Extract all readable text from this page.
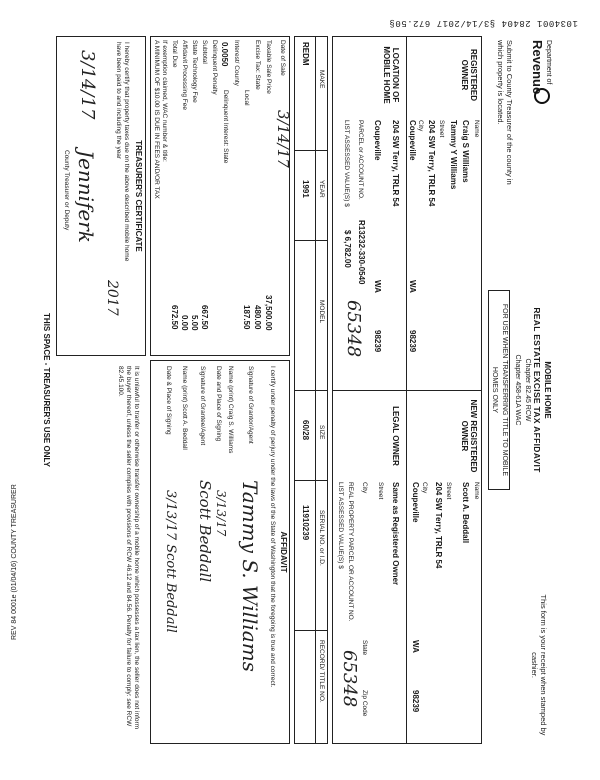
1034001 28404 §3/14/2017 672.50§
REV 84 0001e (01/04/16) COUNTY TREASURER
Department of
Revenue
Submit to County Treasurer of the county in which property is located.
MOBILE HOME
REAL ESTATE EXCISE TAX AFFIDAVIT
Chapter 82.45 RCW
Chapter 458-61A WAC
FOR USE WHEN TRANSFERRING TITLE TO MOBILE HOMES ONLY
This form is your receipt when stamped by cashier.
REGISTERED OWNER
Name
Craig S Williams
Tammy Y Williams
Street
204 SW Terry, TRLR 54
City
Coupeville
WA
98239
NEW REGISTERED OWNER
Name
Scott A. Beddall
Street
204 SW Terry, TRLR 54
City
Coupeville
WA
98239
LOCATION OF MOBILE HOME
204 SW Terry, TRLR 54
Coupeville
WA
98239
PARCEL or ACCOUNT NO.
R13232-330-0540
LIST ASSESSED VALUE(S) $
$ 6,782.00
65348
LEGAL OWNER
Same as Registered Owner
Street
City
State
Zip Code
REAL PROPERTY PARCEL OR ACCOUNT NO.
LIST ASSESSED VALUE(S) $
65348
MAKE
YEAR
MODEL
SIZE
SERIAL NO. or I.D.
RECORD/ TITLE NO.
REDM
1991
60/28
11910239
Date of Sale
3/14/17
Taxable Sale Price
37,500.00
Excise Tax: State
480.00
Local
187.50
Interest/ County
0.0050
Delinquent Interest: State
Delinquent Penalty
Subtotal
667.50
State Technology Fee
5.00
Affidavit Processing Fee
0.00
Total Due
672.50
If exemption claimed, WAC number & title:
A MINIMUM OF $10.00 IS DUE IN FEES AND/OR TAX
AFFIDAVIT
I certify under penalty of perjury under the laws of the State of Washington that the foregoing is true and correct.
Signature of Grantor/Agent
Tammy S. Williams
Name (print) Craig S. Williams
Date and Place of Signing
3/13/17
Signature of Grantee/Agent
Scott Beddall
Name (print) Scott A. Beddall
Date & Place of Signing
3/13/17 Scott Beddall
TREASURER'S CERTIFICATE
I hereby certify that property taxes due on the above described mobile home have been paid to and including the year
2017
3/14/17
Jenniferk
County Treasurer or Deputy
It is unlawful to tranfer or otherwise transfer ownership of a mobile home which possesses a tax lien, the seller does not inform the buyer thereof, unless the seller complies with provisions of RCW 46.12 and 84.56. Penalty for failure to comply: see RCW 82.45.100.
THIS SPACE - TREASURER'S USE ONLY
